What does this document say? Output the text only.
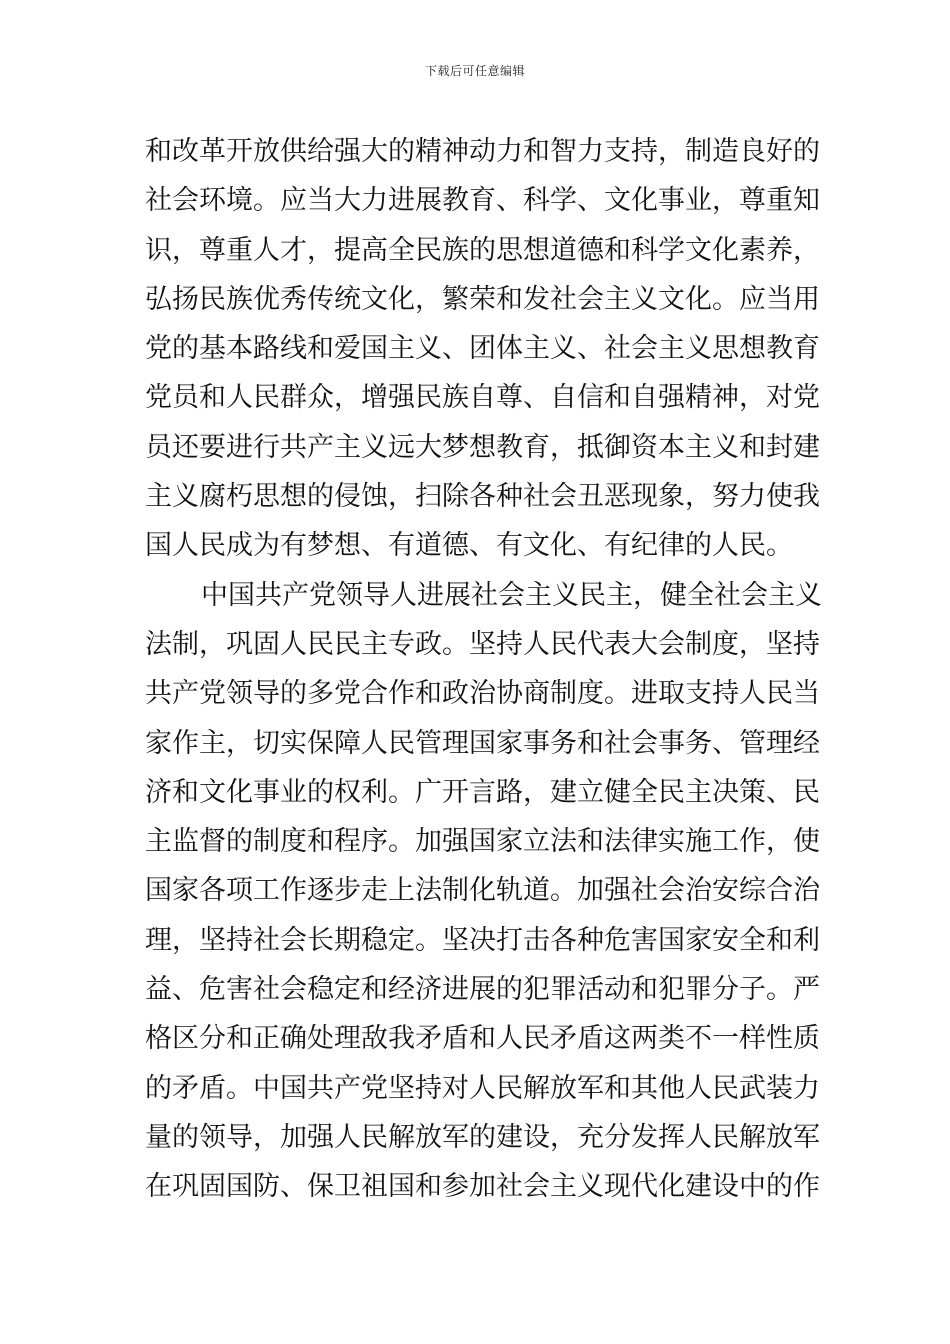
下载后可任意编辑
和改革开放供给强大的精神动力和智力支持，制造良好的
社会环境。应当大力进展教育、科学、文化事业，尊重知
识，尊重人才，提高全民族的思想道德和科学文化素养，
弘扬民族优秀传统文化，繁荣和发社会主义文化。应当用
党的基本路线和爱国主义、团体主义、社会主义思想教育
党员和人民群众，增强民族自尊、自信和自强精神，对党
员还要进行共产主义远大梦想教育，抵御资本主义和封建
主义腐朽思想的侵蚀，扫除各种社会丑恶现象，努力使我
国人民成为有梦想、有道德、有文化、有纪律的人民。
中国共产党领导人进展社会主义民主，健全社会主义
法制，巩固人民民主专政。坚持人民代表大会制度，坚持
共产党领导的多党合作和政治协商制度。进取支持人民当
家作主，切实保障人民管理国家事务和社会事务、管理经
济和文化事业的权利。广开言路，建立健全民主决策、民
主监督的制度和程序。加强国家立法和法律实施工作，使
国家各项工作逐步走上法制化轨道。加强社会治安综合治
理，坚持社会长期稳定。坚决打击各种危害国家安全和利
益、危害社会稳定和经济进展的犯罪活动和犯罪分子。严
格区分和正确处理敌我矛盾和人民矛盾这两类不一样性质
的矛盾。中国共产党坚持对人民解放军和其他人民武装力
量的领导，加强人民解放军的建设，充分发挥人民解放军
在巩固国防、保卫祖国和参加社会主义现代化建设中的作
